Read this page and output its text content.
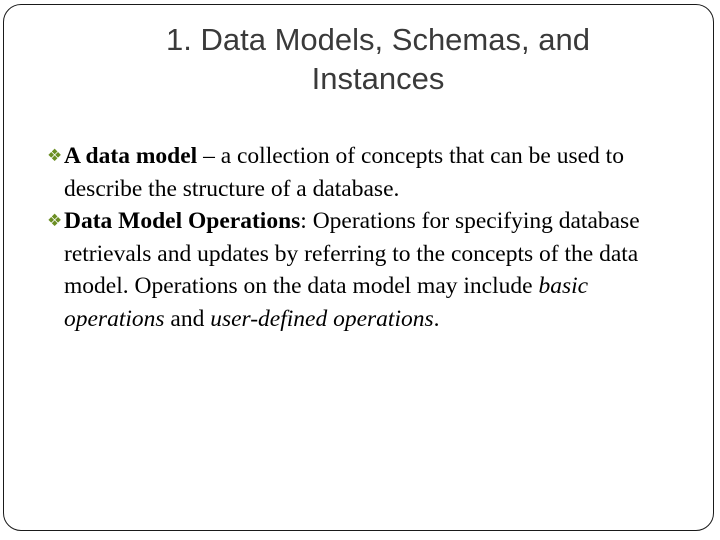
1. Data Models, Schemas, and
Instances

❖ A data model – a collection of concepts that can be used to describe the structure of a database.

❖ Data Model Operations: Operations for specifying database retrievals and updates by referring to the concepts of the data model. Operations on the data model may include basic operations and user-defined operations.
